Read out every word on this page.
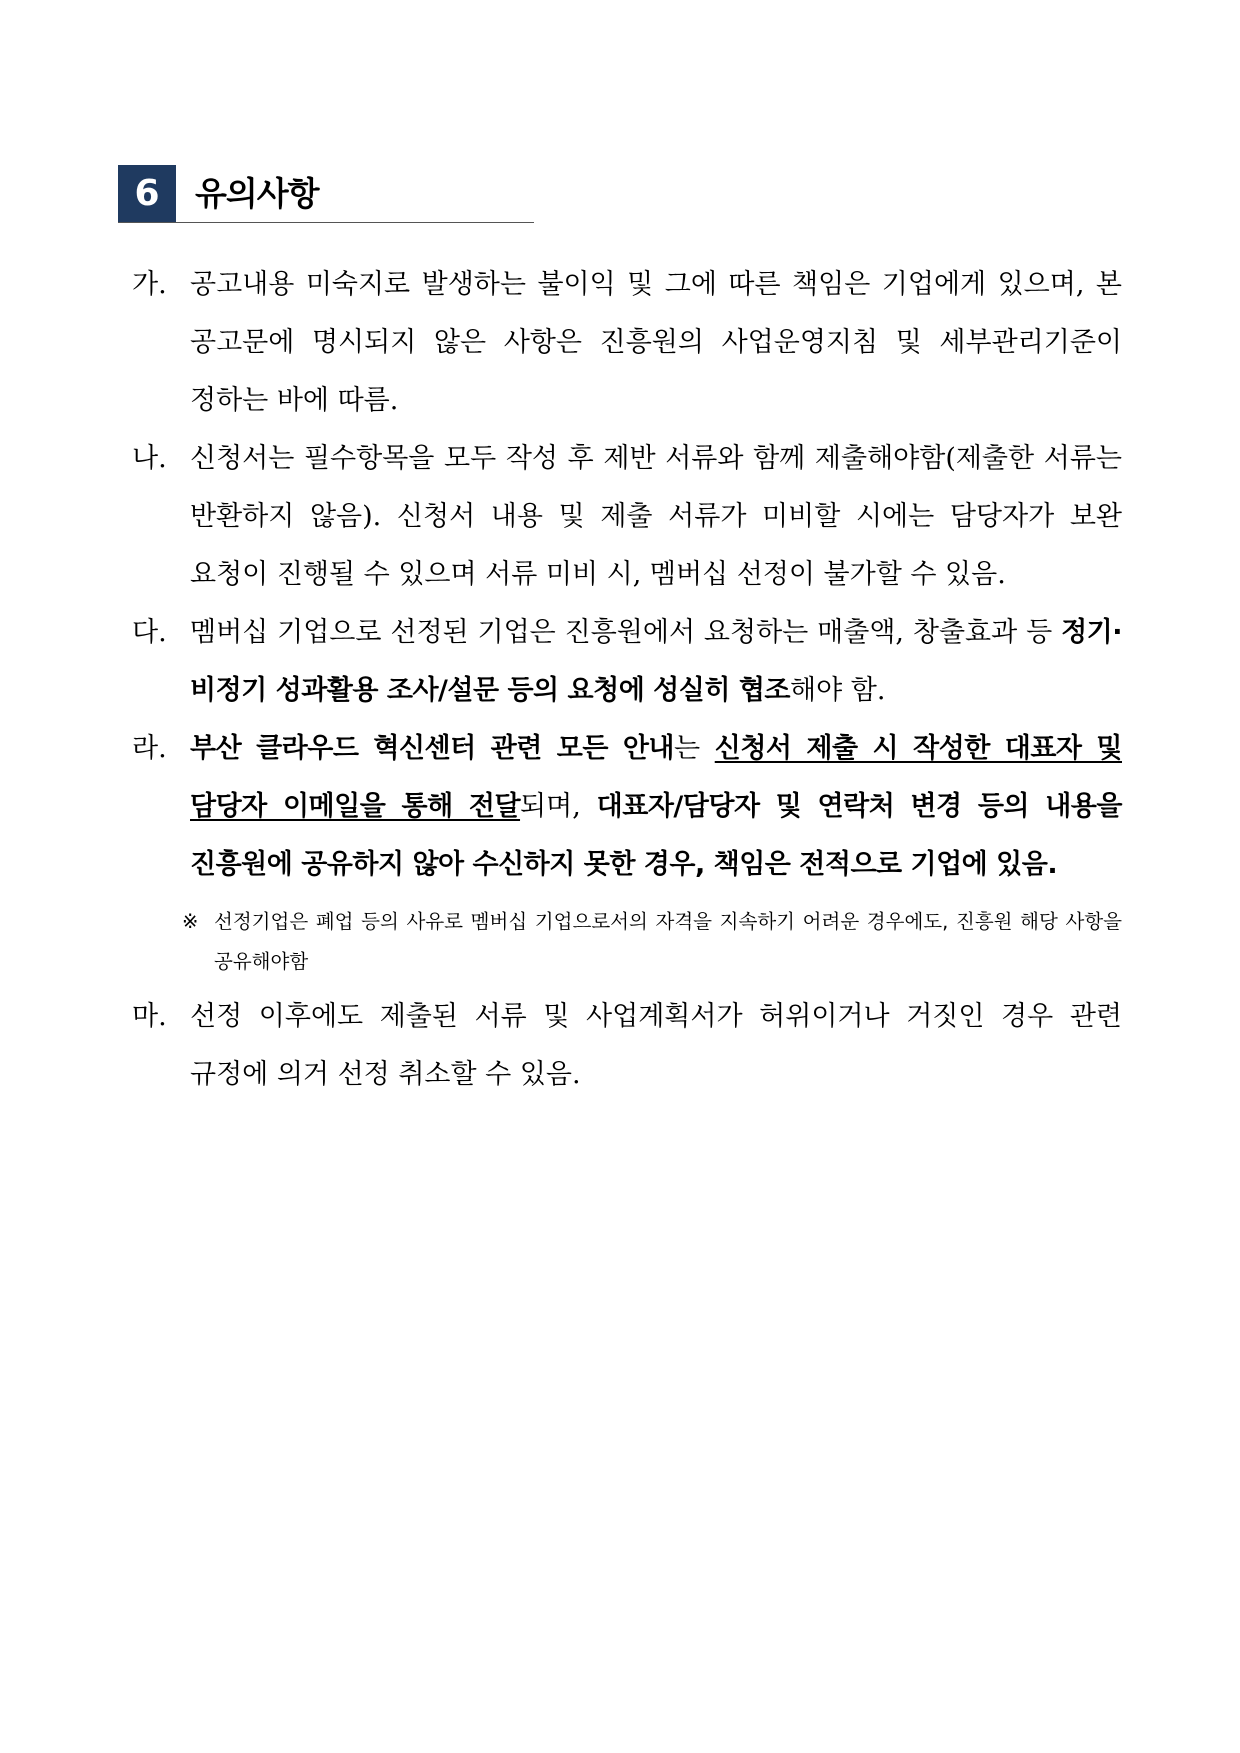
6	유의사항
가. 공고내용 미숙지로 발생하는 불이익 및 그에 따른 책임은 기업에게 있으며, 본 공고문에 명시되지 않은 사항은 진흥원의 사업운영지침 및 세부관리기준이 정하는 바에 따름.
나. 신청서는 필수항목을 모두 작성 후 제반 서류와 함께 제출해야함(제출한 서류는 반환하지 않음). 신청서 내용 및 제출 서류가 미비할 시에는 담당자가 보완 요청이 진행될 수 있으며 서류 미비 시, 멤버십 선정이 불가할 수 있음.
다. 멤버십 기업으로 선정된 기업은 진흥원에서 요청하는 매출액, 창출효과 등 정기·비정기 성과활용 조사/설문 등의 요청에 성실히 협조해야 함.
라. 부산 클라우드 혁신센터 관련 모든 안내는 신청서 제출 시 작성한 대표자 및 담당자 이메일을 통해 전달되며, 대표자/담당자 및 연락처 변경 등의 내용을 진흥원에 공유하지 않아 수신하지 못한 경우, 책임은 전적으로 기업에 있음.
※ 선정기업은 폐업 등의 사유로 멤버십 기업으로서의 자격을 지속하기 어려운 경우에도, 진흥원 해당 사항을 공유해야함
마. 선정 이후에도 제출된 서류 및 사업계획서가 허위이거나 거짓인 경우 관련 규정에 의거 선정 취소할 수 있음.
